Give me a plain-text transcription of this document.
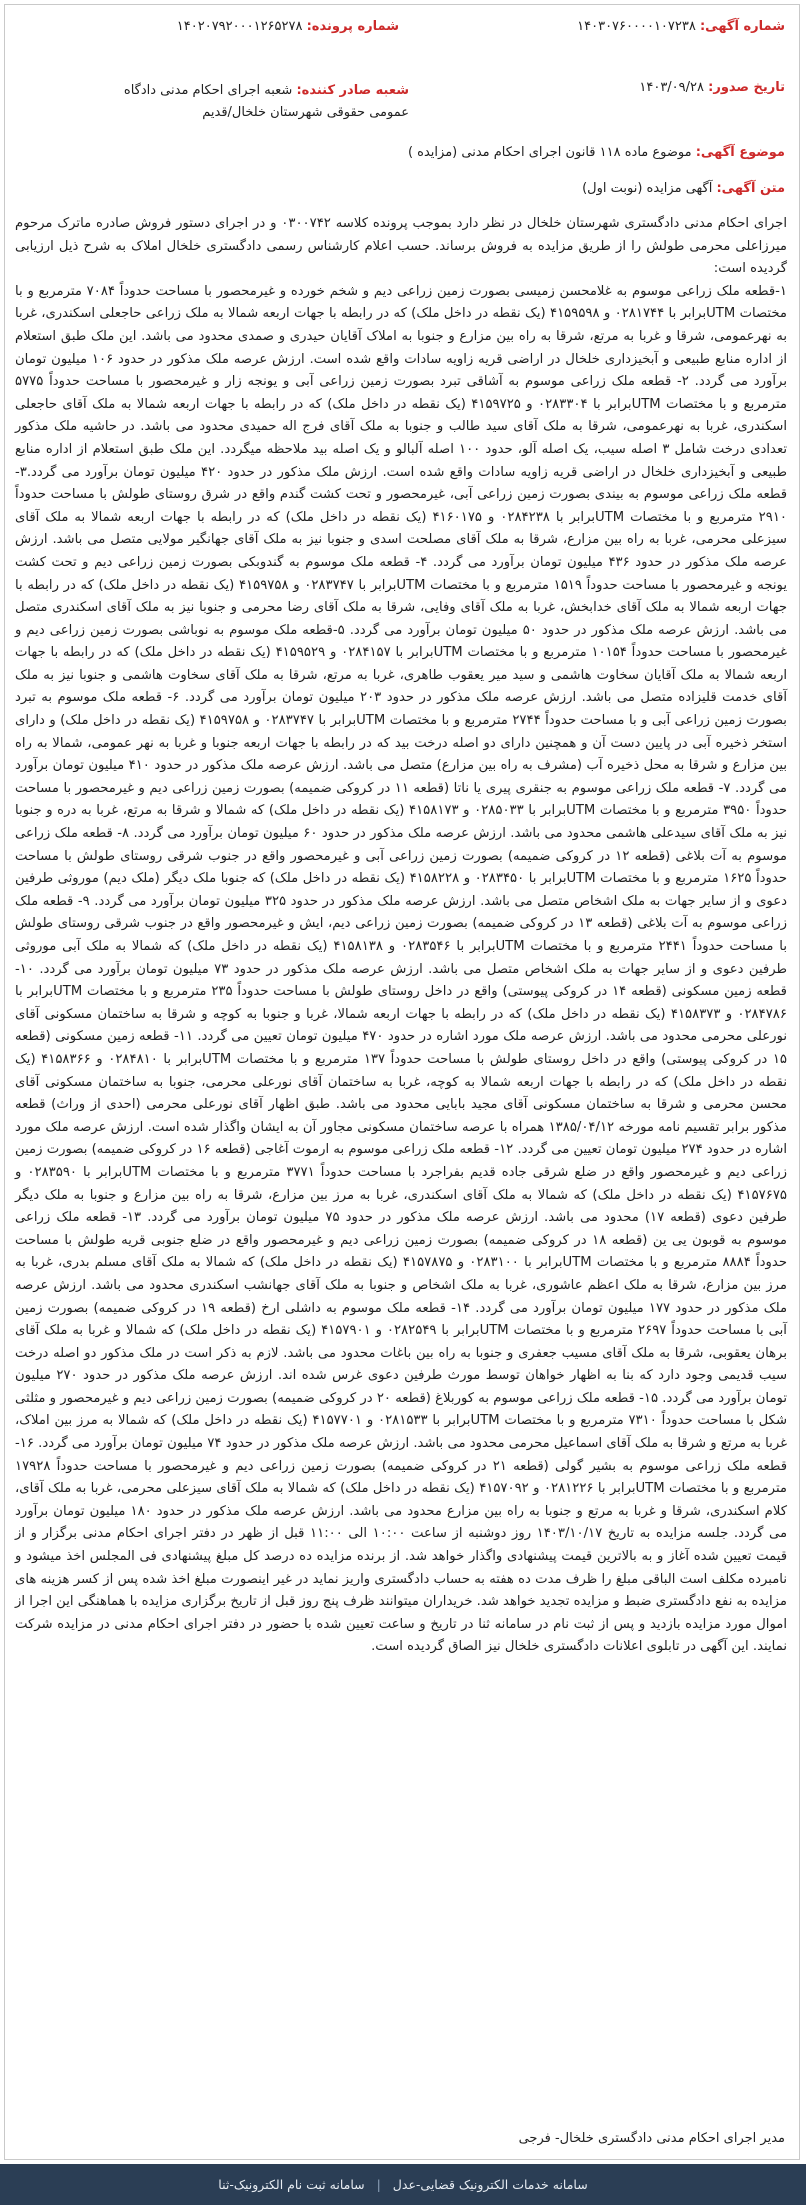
شماره آگهی: ۱۴۰۳۰۷۶۰۰۰۰۱۰۷۲۳۸
شماره پرونده: ۱۴۰۲۰۷۹۲۰۰۰۱۲۶۵۲۷۸
تاریخ صدور: ۱۴۰۳/۰۹/۲۸
شعبه صادر کننده: شعبه اجرای احکام مدنی دادگاه عمومی حقوقی شهرستان خلخال/قدیم
موضوع آگهی: موضوع ماده ۱۱۸ قانون اجرای احکام مدنی (مزایده )
متن آگهی: آگهی مزایده (نوبت اول)

اجرای احکام مدنی دادگستری شهرستان خلخال در نظر دارد بموجب پرونده کلاسه ۰۳۰۰۷۴۲ و در اجرای دستور فروش صادره ماترک مرحوم میرزاعلی محرمی طولش را از طریق مزایده به فروش برساند. حسب اعلام کارشناس رسمی دادگستری خلخال املاک به شرح ذیل ارزیابی گردیده است:

۱-قطعه ملک زراعی موسوم به غلامحسن زمیسی بصورت زمین زراعی دیم و شخم خورده و غیرمحصور با مساحت حدوداً ۷۰۸۴ مترمربع و با مختصات UTMبرابر با ۰۲۸۱۷۴۴ و ۴۱۵۹۵۹۸ (یک نقطه در داخل ملک) که در رابطه با جهات اربعه شمالا به ملک زراعی حاجعلی اسکندری، غربا به نهرعمومی، شرقا و غربا به مرتع، شرقا به راه بین مزارع و جنوبا به املاک آقایان حیدری و صمدی محدود می باشد. این ملک طبق استعلام از اداره منابع طبیعی و آبخیزداری خلخال در اراضی قریه زاویه سادات واقع شده است. ارزش عرصه ملک مذکور در حدود ۱۰۶ میلیون تومان برآورد می گردد. ۲- قطعه ملک زراعی موسوم به آشاقی تبرد بصورت زمین زراعی آبی و یونجه زار و غیرمحصور با مساحت حدوداً ۵۷۷۵ مترمربع و با مختصات UTMبرابر با ۰۲۸۳۳۰۴ و ۴۱۵۹۷۲۵ (یک نقطه در داخل ملک) که در رابطه با جهات اربعه شمالا به ملک آقای حاجعلی اسکندری، غربا به نهرعمومی، شرقا به ملک آقای سید طالب و جنوبا به ملک آقای فرج اله حمیدی محدود می باشد. در حاشیه ملک مذکور تعدادی درخت شامل ۳ اصله سیب، یک اصله آلو، حدود ۱۰۰ اصله آلبالو و یک اصله بید ملاحظه میگردد. این ملک طبق استعلام از اداره منابع طبیعی و آبخیزداری خلخال در اراضی قریه زاویه سادات واقع شده است. ارزش ملک مذکور در حدود ۴۲۰ میلیون تومان برآورد می گردد.۳- قطعه ملک زراعی موسوم به بیندی بصورت زمین زراعی آبی، غیرمحصور و تحت کشت گندم واقع در شرق روستای طولش با مساحت حدوداً ۲۹۱۰ مترمربع و با مختصات UTMبرابر با ۰۲۸۴۲۳۸ و ۴۱۶۰۱۷۵ (یک نقطه در داخل ملک) که در رابطه با جهات اربعه شمالا به ملک آقای سیزعلی محرمی، غربا به راه بین مزارع، شرقا به ملک آقای مصلحت اسدی و جنوبا نیز به ملک آقای جهانگیر مولایی متصل می باشد. ارزش عرصه ملک مذکور در حدود ۴۳۶ میلیون تومان برآورد می گردد. ۴- قطعه ملک موسوم به گندوبکی بصورت زمین زراعی دیم و تحت کشت یونجه و غیرمحصور با مساحت حدوداً ۱۵۱۹ مترمربع و با مختصات UTMبرابر با ۰۲۸۳۷۴۷ و ۴۱۵۹۷۵۸ (یک نقطه در داخل ملک) که در رابطه با جهات اربعه شمالا به ملک آقای خدابخش، غربا به ملک آقای وفایی، شرقا به ملک آقای رضا محرمی و جنوبا نیز به ملک آقای اسکندری متصل می باشد. ارزش عرصه ملک مذکور در حدود ۵۰ میلیون تومان برآورد می گردد. ۵-قطعه ملک موسوم به نوباشی بصورت زمین زراعی دیم و غیرمحصور با مساحت حدوداً ۱۰۱۵۴ مترمربع و با مختصات UTMبرابر با ۰۲۸۴۱۵۷ و ۴۱۵۹۵۲۹ (یک نقطه در داخل ملک) که در رابطه با جهات اربعه شمالا به ملک آقایان سخاوت هاشمی و سید میر یعقوب طاهری، غربا به مرتع، شرقا به ملک آقای سخاوت هاشمی و جنوبا نیز به ملک آقای خدمت قلیزاده متصل می باشد. ارزش عرصه ملک مذکور در حدود ۲۰۳ میلیون تومان برآورد می گردد. ۶- قطعه ملک موسوم به تبرد بصورت زمین زراعی آبی و با مساحت حدوداً ۲۷۴۴ مترمربع و با مختصات UTMبرابر با ۰۲۸۳۷۴۷ و ۴۱۵۹۷۵۸ (یک نقطه در داخل ملک) و دارای استخر ذخیره آبی در پایین دست آن و همچنین دارای دو اصله درخت بید که در رابطه با جهات اربعه جنوبا و غربا به نهر عمومی، شمالا به راه بین مزارع و شرقا به محل ذخیره آب (مشرف به راه بین مزارع) متصل می باشد. ارزش عرصه ملک مذکور در حدود ۴۱۰ میلیون تومان برآورد می گردد. ۷- قطعه ملک زراعی موسوم به جنقری پیری یا ناتا (قطعه ۱۱ در کروکی ضمیمه) بصورت زمین زراعی دیم و غیرمحصور با مساحت حدوداً ۳۹۵۰ مترمربع و با مختصات UTMبرابر با ۰۲۸۵۰۳۳ و ۴۱۵۸۱۷۳ (یک نقطه در داخل ملک) که شمالا و شرقا به مرتع، غربا به دره و جنوبا نیز به ملک آقای سیدعلی هاشمی محدود می باشد. ارزش عرصه ملک مذکور در حدود ۶۰ میلیون تومان برآورد می گردد. ۸- قطعه ملک زراعی موسوم به آت بلاغی (قطعه ۱۲ در کروکی ضمیمه) بصورت زمین زراعی آبی و غیرمحصور واقع در جنوب شرقی روستای طولش با مساحت حدوداً ۱۶۲۵ مترمربع و با مختصات UTMبرابر با ۰۲۸۳۴۵۰ و ۴۱۵۸۲۲۸ (یک نقطه در داخل ملک) که جنوبا ملک دیگر (ملک دیم) موروثی طرفین دعوی و از سایر جهات به ملک اشخاص متصل می باشد. ارزش عرصه ملک مذکور در حدود ۳۲۵ میلیون تومان برآورد می گردد. ۹- قطعه ملک زراعی موسوم به آت بلاغی (قطعه ۱۳ در کروکی ضمیمه) بصورت زمین زراعی دیم، ایش و غیرمحصور واقع در جنوب شرقی روستای طولش با مساحت حدوداً ۲۴۴۱ مترمربع و با مختصات UTMبرابر با ۰۲۸۳۵۴۶ و ۴۱۵۸۱۳۸ (یک نقطه در داخل ملک) که شمالا به ملک آبی موروثی طرفین دعوی و از سایر جهات به ملک اشخاص متصل می باشد. ارزش عرصه ملک مذکور در حدود ۷۳ میلیون تومان برآورد می گردد. ۱۰- قطعه زمین مسکونی (قطعه ۱۴ در کروکی پیوستی) واقع در داخل روستای طولش با مساحت حدوداً ۲۳۵ مترمربع و با مختصات UTMبرابر با ۰۲۸۴۷۸۶ و ۴۱۵۸۳۷۳ (یک نقطه در داخل ملک) که در رابطه با جهات اربعه شمالا، غربا و جنوبا به کوچه و شرقا به ساختمان مسکونی آقای نورعلی محرمی محدود می باشد. ارزش عرصه ملک مورد اشاره در حدود ۴۷۰ میلیون تومان تعیین می گردد. ۱۱- قطعه زمین مسکونی (قطعه ۱۵ در کروکی پیوستی) واقع در داخل روستای طولش با مساحت حدوداً ۱۳۷ مترمربع و با مختصات UTMبرابر با ۰۲۸۴۸۱۰ و ۴۱۵۸۳۶۶ (یک نقطه در داخل ملک) که در رابطه با جهات اربعه شمالا به کوچه، غربا به ساختمان آقای نورعلی محرمی، جنوبا به ساختمان مسکونی آقای محسن محرمی و شرقا به ساختمان مسکونی آقای مجید بابایی محدود می باشد. طبق اظهار آقای نورعلی محرمی (احدی از وراث) قطعه مذکور برابر تقسیم نامه مورخه ۱۳۸۵/۰۴/۱۲ همراه با عرصه ساختمان مسکونی مجاور آن به ایشان واگذار شده است. ارزش عرصه ملک مورد اشاره در حدود ۲۷۴ میلیون تومان تعیین می گردد. ۱۲- قطعه ملک زراعی موسوم به ارموت آغاجی (قطعه ۱۶ در کروکی ضمیمه) بصورت زمین زراعی دیم و غیرمحصور واقع در ضلع شرقی جاده قدیم بفراجرد با مساحت حدوداً ۳۷۷۱ مترمربع و با مختصات UTMبرابر با ۰۲۸۳۵۹۰ و ۴۱۵۷۶۷۵ (یک نقطه در داخل ملک) که شمالا به ملک آقای اسکندری، غربا به مرز بین مزارع، شرقا به راه بین مزارع و جنوبا به ملک دیگر طرفین دعوی (قطعه ۱۷) محدود می باشد. ارزش عرصه ملک مذکور در حدود ۷۵ میلیون تومان برآورد می گردد. ۱۳- قطعه ملک زراعی موسوم به قوبون یی ین (قطعه ۱۸ در کروکی ضمیمه) بصورت زمین زراعی دیم و غیرمحصور واقع در ضلع جنوبی قریه طولش با مساحت حدوداً ۸۸۸۴ مترمربع و با مختصات UTMبرابر با ۰۲۸۳۱۰۰ و ۴۱۵۷۸۷۵ (یک نقطه در داخل ملک) که شمالا به ملک آقای مسلم بدری، غربا به مرز بین مزارع، شرقا به ملک اعظم عاشوری، غربا به ملک اشخاص و جنوبا به ملک آقای جهانشب اسکندری محدود می باشد. ارزش عرصه ملک مذکور در حدود ۱۷۷ میلیون تومان برآورد می گردد. ۱۴- قطعه ملک موسوم به داشلی ارخ (قطعه ۱۹ در کروکی ضمیمه) بصورت زمین آبی با مساحت حدوداً ۲۶۹۷ مترمربع و با مختصات UTMبرابر با ۰۲۸۲۵۴۹ و ۴۱۵۷۹۰۱ (یک نقطه در داخل ملک) که شمالا و غربا به ملک آقای برهان یعقوبی، شرقا به ملک آقای مسیب جعفری و جنوبا به راه بین باغات محدود می باشد. لازم به ذکر است در ملک مذکور دو اصله درخت سیب قدیمی وجود دارد که بنا به اظهار خواهان توسط مورث طرفین دعوی غرس شده اند. ارزش عرصه ملک مذکور در حدود ۲۷۰ میلیون تومان برآورد می گردد. ۱۵- قطعه ملک زراعی موسوم به کوربلاغ (قطعه ۲۰ در کروکی ضمیمه) بصورت زمین زراعی دیم و غیرمحصور و مثلثی شکل با مساحت حدوداً ۷۳۱۰ مترمربع و با مختصات UTMبرابر با ۰۲۸۱۵۳۳ و ۴۱۵۷۷۰۱ (یک نقطه در داخل ملک) که شمالا به مرز بین املاک، غربا به مرتع و شرقا به ملک آقای اسماعیل محرمی محدود می باشد. ارزش عرصه ملک مذکور در حدود ۷۴ میلیون تومان برآورد می گردد. ۱۶- قطعه ملک زراعی موسوم به بشیر گولی (قطعه ۲۱ در کروکی ضمیمه) بصورت زمین زراعی دیم و غیرمحصور با مساحت حدوداً ۱۷۹۲۸ مترمربع و با مختصات UTMبرابر با ۰۲۸۱۲۲۶ و ۴۱۵۷۰۹۲ (یک نقطه در داخل ملک) که شمالا به ملک آقای سیزعلی محرمی، غربا به ملک آقای، کلام اسکندری، شرقا و غربا به مرتع و جنوبا به راه بین مزارع محدود می باشد. ارزش عرصه ملک مذکور در حدود ۱۸۰ میلیون تومان برآورد می گردد. جلسه مزایده به تاریخ ۱۴۰۳/۱۰/۱۷ روز دوشنبه از ساعت ۱۰:۰۰ الی ۱۱:۰۰ قبل از ظهر در دفتر اجرای احکام مدنی برگزار و از قیمت تعیین شده آغاز و به بالاترین قیمت پیشنهادی واگذار خواهد شد. از برنده مزایده ده درصد کل مبلغ پیشنهادی فی المجلس اخذ میشود و نامبرده مکلف است الباقی مبلغ را ظرف مدت ده هفته به حساب دادگستری واریز نماید در غیر اینصورت مبلغ اخذ شده پس از کسر هزینه های مزایده به نفع دادگستری ضبط و مزایده تجدید خواهد شد. خریداران میتوانند ظرف پنج روز قبل از تاریخ برگزاری مزایده با هماهنگی این اجرا از اموال مورد مزایده بازدید و پس از ثبت نام در سامانه ثنا در تاریخ و ساعت تعیین شده با حضور در دفتر اجرای احکام مدنی در مزایده شرکت نمایند. این آگهی در تابلوی اعلانات دادگستری خلخال نیز الصاق گردیده است.

مدیر اجرای احکام مدنی دادگستری خلخال- فرجی
سامانه خدمات الکترونیک قضایی-عدل | سامانه ثبت نام الکترونیک-ثنا
